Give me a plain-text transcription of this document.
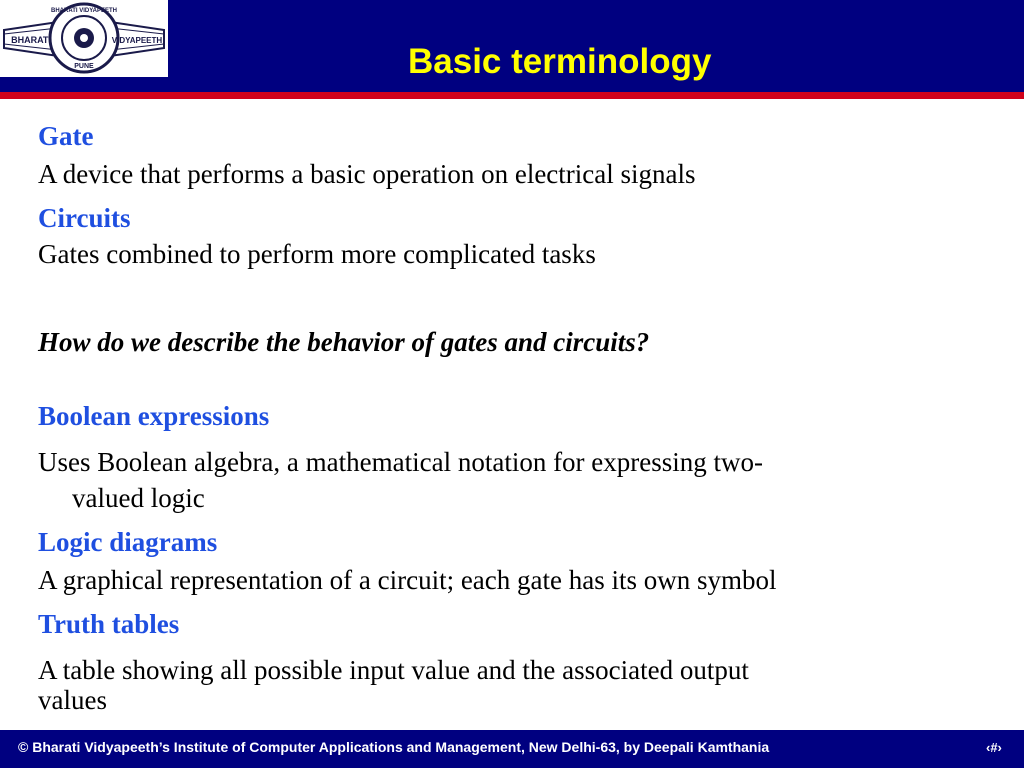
BHARATI	VIDYAPEETH
BHARATI VIDYAPEETH
PUNE	Basic terminology
Gate
A device that performs a basic operation on electrical signals
Circuits
Gates combined to perform more complicated tasks
How do we describe the behavior of gates and circuits?
Boolean expressions
Uses Boolean algebra, a mathematical notation for expressing two-
valued logic
Logic diagrams
A graphical representation of a circuit; each gate has its own symbol
Truth tables
A table showing all possible input value and the associated output
values
© Bharati Vidyapeeth’s Institute of Computer Applications and Management, New Delhi-63, by Deepali Kamthania	‹#›
